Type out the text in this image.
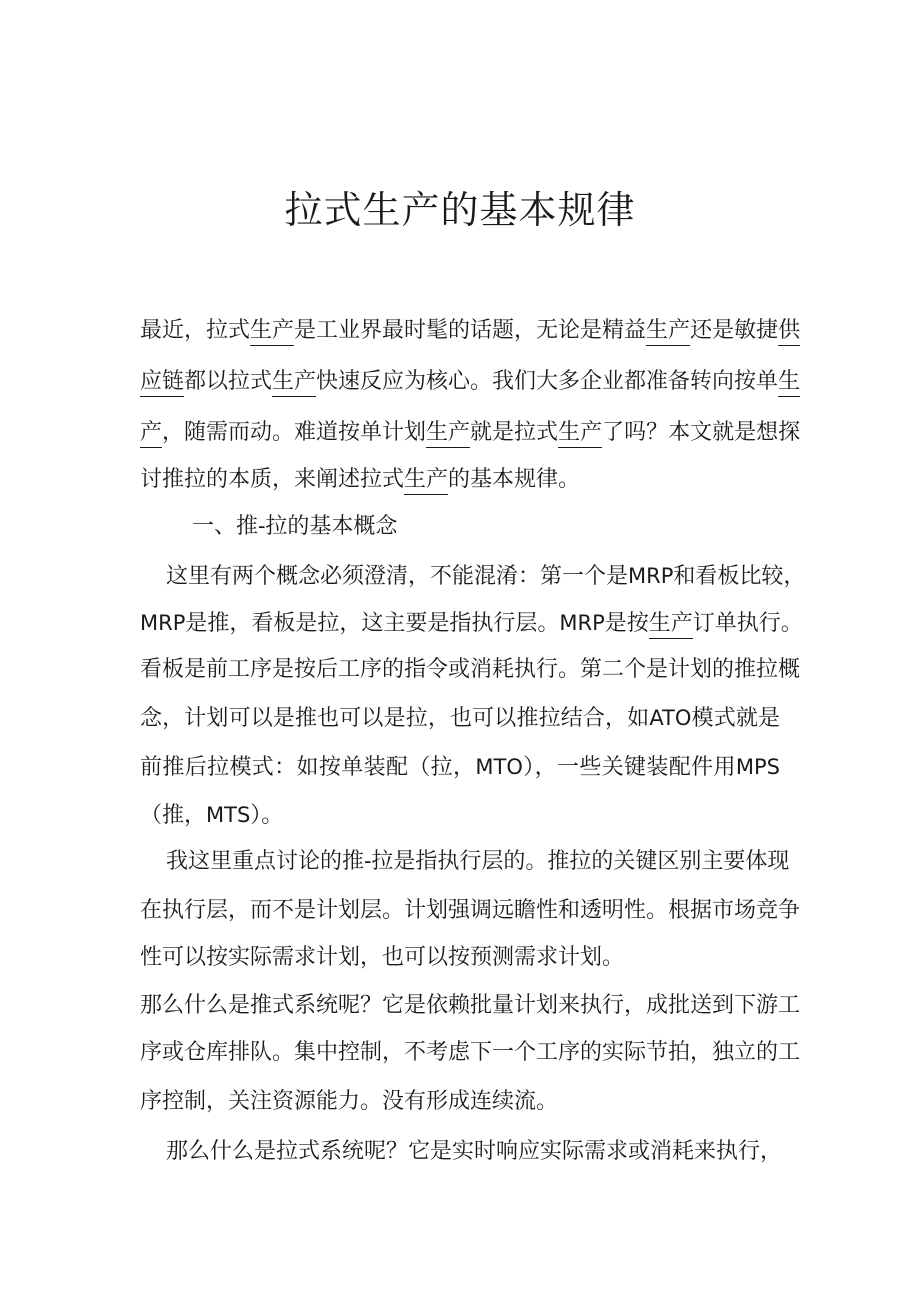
拉式生产的基本规律
最近，拉式生产是工业界最时髦的话题，无论是精益生产还是敏捷供
应链都以拉式生产快速反应为核心。我们大多企业都准备转向按单生
产，随需而动。难道按单计划生产就是拉式生产了吗？本文就是想探
讨推拉的本质，来阐述拉式生产的基本规律。
一、推-拉的基本概念
这里有两个概念必须澄清，不能混淆：第一个是MRP和看板比较，
MRP是推，看板是拉，这主要是指执行层。MRP是按生产订单执行。
看板是前工序是按后工序的指令或消耗执行。第二个是计划的推拉概
念，计划可以是推也可以是拉，也可以推拉结合，如ATO模式就是
前推后拉模式：如按单装配（拉，MTO），一些关键装配件用MPS
（推，MTS）。
我这里重点讨论的推-拉是指执行层的。推拉的关键区别主要体现
在执行层，而不是计划层。计划强调远瞻性和透明性。根据市场竞争
性可以按实际需求计划，也可以按预测需求计划。
那么什么是推式系统呢？它是依赖批量计划来执行，成批送到下游工
序或仓库排队。集中控制，不考虑下一个工序的实际节拍，独立的工
序控制，关注资源能力。没有形成连续流。
那么什么是拉式系统呢？它是实时响应实际需求或消耗来执行，
